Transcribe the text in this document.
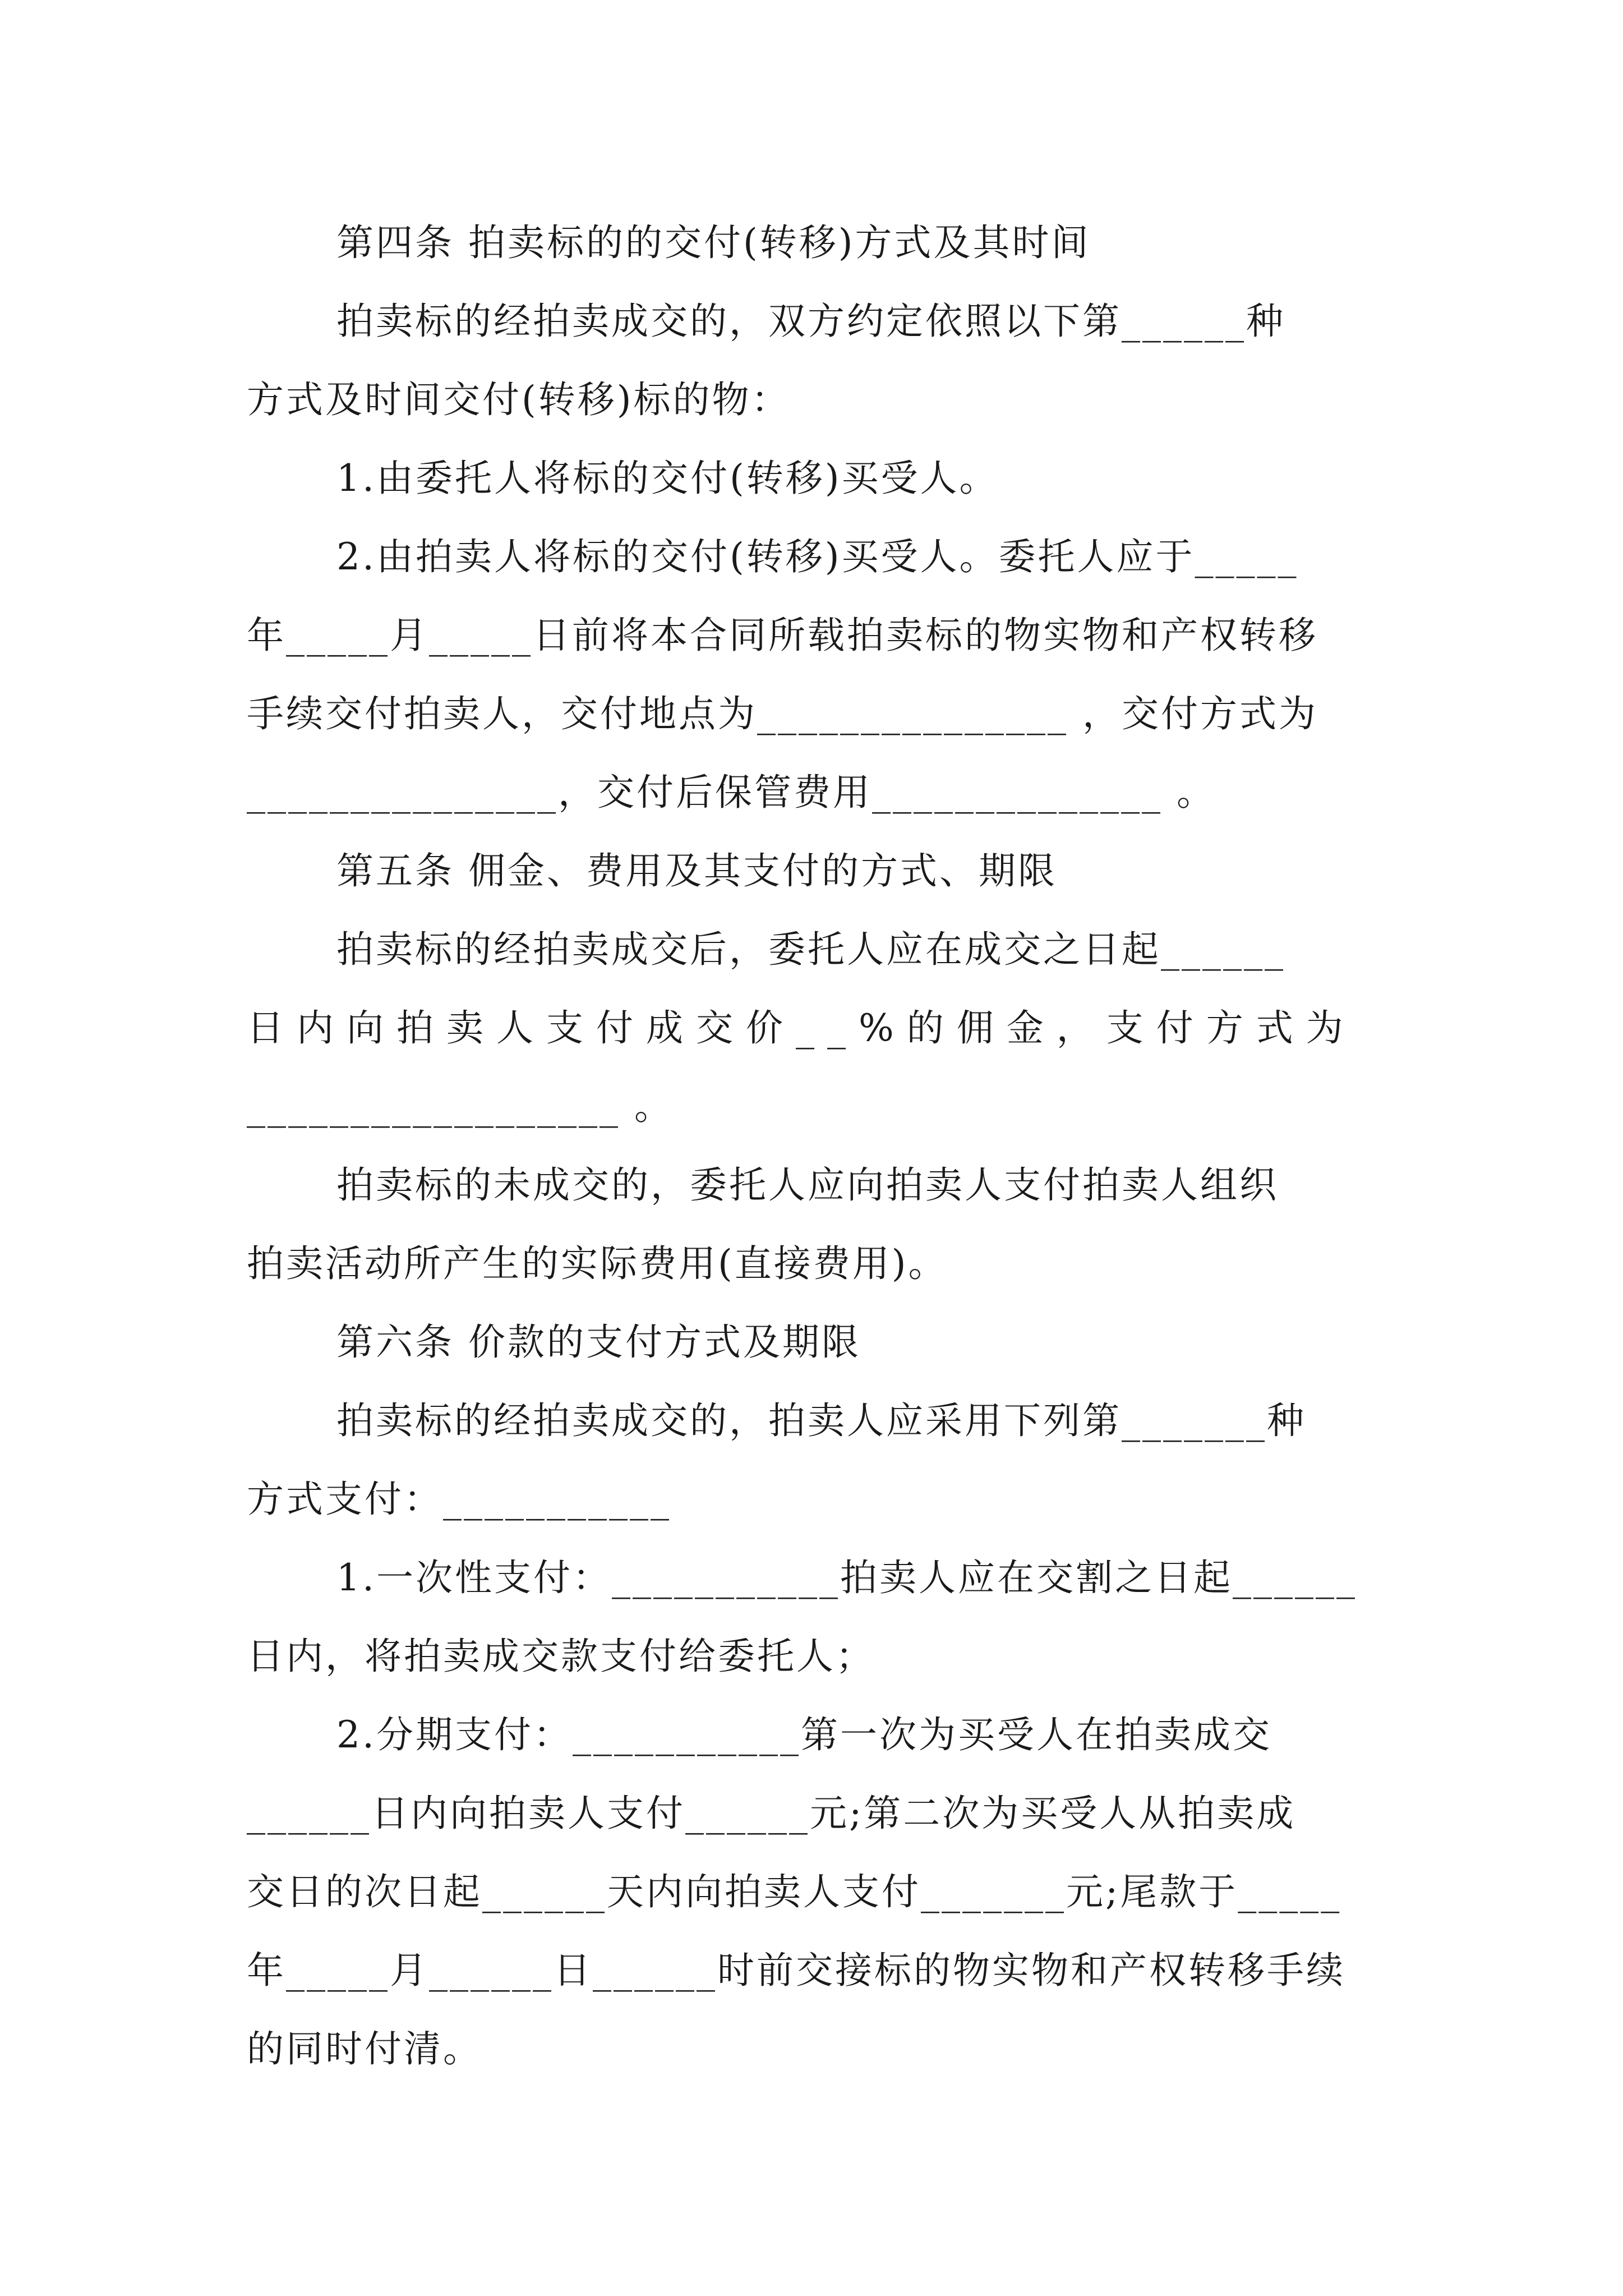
第四条 拍卖标的的交付(转移)方式及其时间

拍卖标的经拍卖成交的，双方约定依照以下第______种

方式及时间交付(转移)标的物：

1.由委托人将标的交付(转移)买受人。

2.由拍卖人将标的交付(转移)买受人。委托人应于_____

年_____月_____日前将本合同所载拍卖标的物实物和产权转移

手续交付拍卖人，交付地点为_______________ ，交付方式为

_______________，交付后保管费用______________ 。

第五条 佣金、费用及其支付的方式、期限

拍卖标的经拍卖成交后，委托人应在成交之日起______

日内向拍卖人支付成交价__%的佣金，支付方式为

__________________ 。

拍卖标的未成交的，委托人应向拍卖人支付拍卖人组织

拍卖活动所产生的实际费用(直接费用)。

第六条 价款的支付方式及期限

拍卖标的经拍卖成交的，拍卖人应采用下列第_______种

方式支付：___________

1.一次性支付：___________拍卖人应在交割之日起______

日内，将拍卖成交款支付给委托人；

2.分期支付：___________第一次为买受人在拍卖成交

______日内向拍卖人支付______元;第二次为买受人从拍卖成

交日的次日起______天内向拍卖人支付_______元;尾款于_____

年_____月______日______时前交接标的物实物和产权转移手续

的同时付清。
